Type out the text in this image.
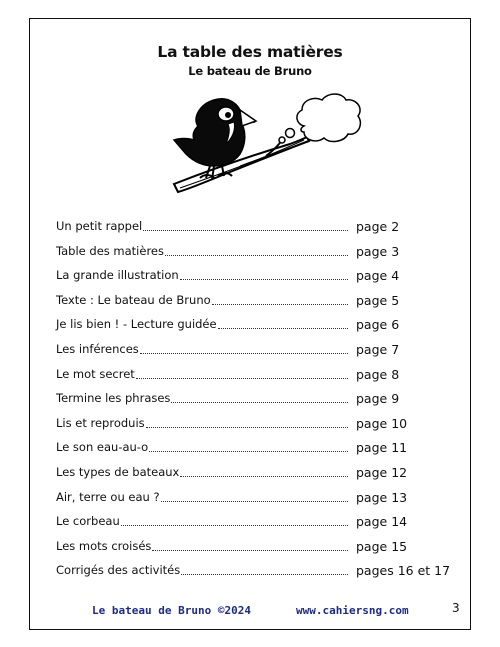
La table des matières
Le bateau de Bruno
Un petit rappel	page 2
Table des matières	page 3
La grande illustration	page 4
Texte : Le bateau de Bruno	page 5
Je lis bien ! - Lecture guidée	page 6
Les inférences	page 7
Le mot secret	page 8
Termine les phrases	page 9
Lis et reproduis	page 10
Le son eau-au-o	page 11
Les types de bateaux	page 12
Air, terre ou eau ?	page 13
Le corbeau	page 14
Les mots croisés	page 15
Corrigés des activités	pages 16 et 17
Le bateau de Bruno ©2024	www.cahiersng.com	3
